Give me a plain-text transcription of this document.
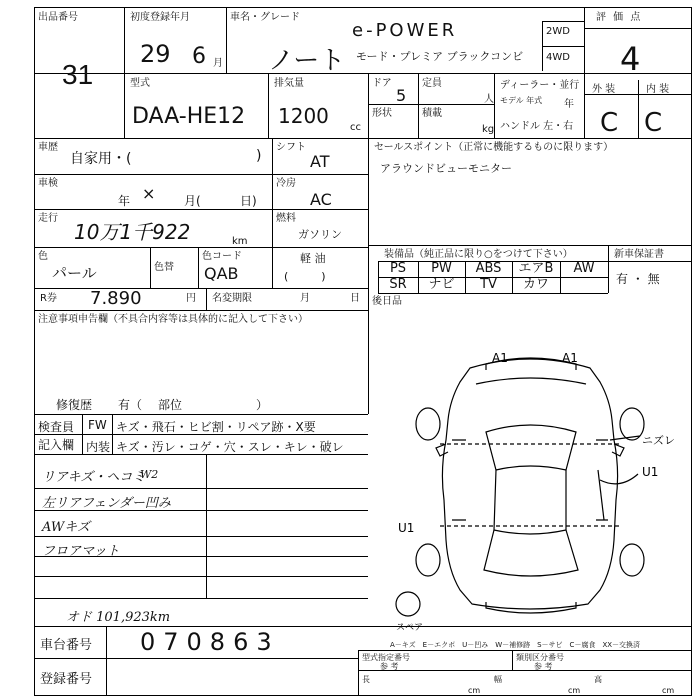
出品番号
31
初度登録年月
29 6 月
車名・グレード
ノート
e-POWER
モード・プレミア ブラックコンビ
2WD
4WD
評 価 点
4
型式
DAA-HE12
排気量
1200 cc
ドア
5
定員
人
形状	積載
kg
ディーラー・並行
モデル 年式 年
ハンドル 左・右
外 装	内 装
C C
車歴
自家用・(	)
シフト
AT
車検
年 × 月(	日)
冷房
AC
走行
10万1千922	km
燃料
ガソリン
軽 油
(　　　)
色
パール	色替
色コード
QAB
R券 7.890	円 名変期限	月	日
セールスポイント（正常に機能するものに限ります）
アラウンドビューモニター
装備品（純正品に限り○をつけて下さい）	新車保証書
有 ・ 無
PS	PW	ABS	エアB	AW
SR	ナビ	TV	カワ
後日品
注意事項申告欄（不具合内容等は具体的に記入して下さい）
修復歴 有（ 部位	）
検査員
記入欄
FW キズ・飛石・ヒビ割・リペア跡・X要
内装 キズ・汚レ・コゲ・穴・スレ・キレ・破レ
リアキズ・ヘコミ
W2
左リアフェンダー凹み
AWキズ
フロアマット
オド 101,923km
車台番号 070863
登録番号
A1	A1
U1
ニズレ
U1
スペア
A－キズ　E－エクボ　U－凹み　W－補修跡　S－サビ　C－腐食　XX－交換済
型式指定番号
参 考
類別区分番号
参 考
長
cm
幅
cm
高
cm
